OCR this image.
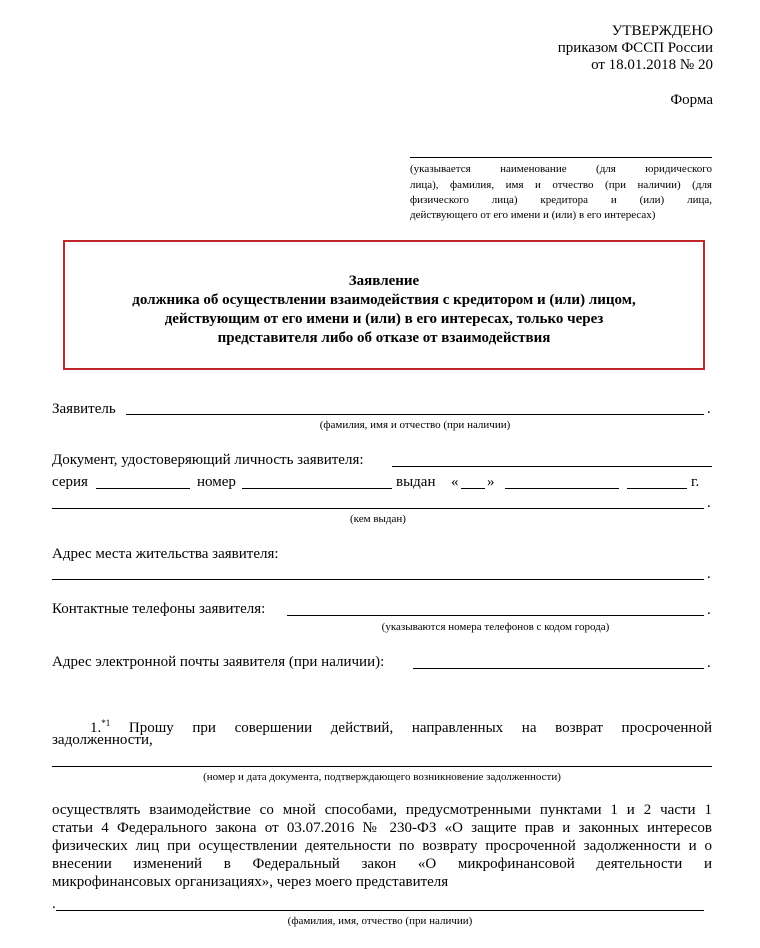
УТВЕРЖДЕНО
приказом ФССП России
от 18.01.2018 № 20
Форма
(указывается наименование (для юридического
лица), фамилия, имя и отчество (при наличии) (для
физического лица) кредитора и (или) лица,
действующего от его имени и (или) в его интересах)
Заявление
должника об осуществлении взаимодействия с кредитором и (или) лицом,
действующим от его имени и (или) в его интересах, только через
представителя либо об отказе от взаимодействия
Заявитель	.
(фамилия, имя и отчество (при наличии)
Документ, удостоверяющий личность заявителя:
серия	номер	выдан « »	г.
.
(кем выдан)
Адрес места жительства заявителя:
.
Контактные телефоны заявителя:	.
(указываются номера телефонов с кодом города)
Адрес электронной почты заявителя (при наличии):	.
1.$^{*1}$ Прошу при совершении действий, направленных на возврат просроченной
задолженности,
(номер и дата документа, подтверждающего возникновение задолженности)
осуществлять взаимодействие со мной способами, предусмотренными пунктами 1 и 2 части 1
статьи 4 Федерального закона от 03.07.2016 № 230-ФЗ «О защите прав и законных интересов
физических лиц при осуществлении деятельности по возврату просроченной задолженности и о
внесении изменений в Федеральный закон «О микрофинансовой деятельности и
микрофинансовых организациях», через моего представителя
.
(фамилия, имя, отчество (при наличии)
